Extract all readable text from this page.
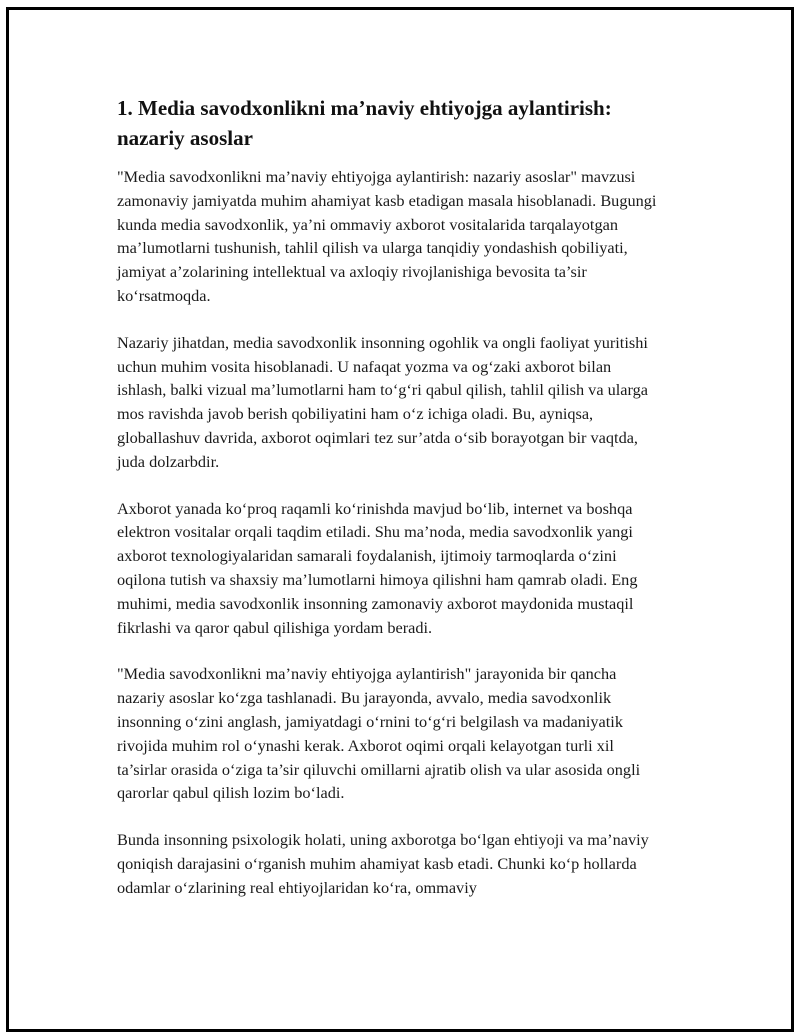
1. Media savodxonlikni ma’naviy ehtiyojga aylantirish: nazariy asoslar

"Media savodxonlikni ma’naviy ehtiyojga aylantirish: nazariy asoslar" mavzusi zamonaviy jamiyatda muhim ahamiyat kasb etadigan masala hisoblanadi. Bugungi kunda media savodxonlik, ya’ni ommaviy axborot vositalarida tarqalayotgan ma’lumotlarni tushunish, tahlil qilish va ularga tanqidiy yondashish qobiliyati, jamiyat a’zolarining intellektual va axloqiy rivojlanishiga bevosita ta’sir ko‘rsatmoqda.

Nazariy jihatdan, media savodxonlik insonning ogohlik va ongli faoliyat yuritishi uchun muhim vosita hisoblanadi. U nafaqat yozma va og‘zaki axborot bilan ishlash, balki vizual ma’lumotlarni ham to‘g‘ri qabul qilish, tahlil qilish va ularga mos ravishda javob berish qobiliyatini ham o‘z ichiga oladi. Bu, ayniqsa, globallashuv davrida, axborot oqimlari tez sur’atda o‘sib borayotgan bir vaqtda, juda dolzarbdir.

Axborot yanada ko‘proq raqamli ko‘rinishda mavjud bo‘lib, internet va boshqa elektron vositalar orqali taqdim etiladi. Shu ma’noda, media savodxonlik yangi axborot texnologiyalaridan samarali foydalanish, ijtimoiy tarmoqlarda o‘zini oqilona tutish va shaxsiy ma’lumotlarni himoya qilishni ham qamrab oladi. Eng muhimi, media savodxonlik insonning zamonaviy axborot maydonida mustaqil fikrlashi va qaror qabul qilishiga yordam beradi.

"Media savodxonlikni ma’naviy ehtiyojga aylantirish" jarayonida bir qancha nazariy asoslar ko‘zga tashlanadi. Bu jarayonda, avvalo, media savodxonlik insonning o‘zini anglash, jamiyatdagi o‘rnini to‘g‘ri belgilash va madaniyatik rivojida muhim rol o‘ynashi kerak. Axborot oqimi orqali kelayotgan turli xil ta’sirlar orasida o‘ziga ta’sir qiluvchi omillarni ajratib olish va ular asosida ongli qarorlar qabul qilish lozim bo‘ladi.

Bunda insonning psixologik holati, uning axborotga bo‘lgan ehtiyoji va ma’naviy qoniqish darajasini o‘rganish muhim ahamiyat kasb etadi. Chunki ko‘p hollarda odamlar o‘zlarining real ehtiyojlaridan ko‘ra, ommaviy
